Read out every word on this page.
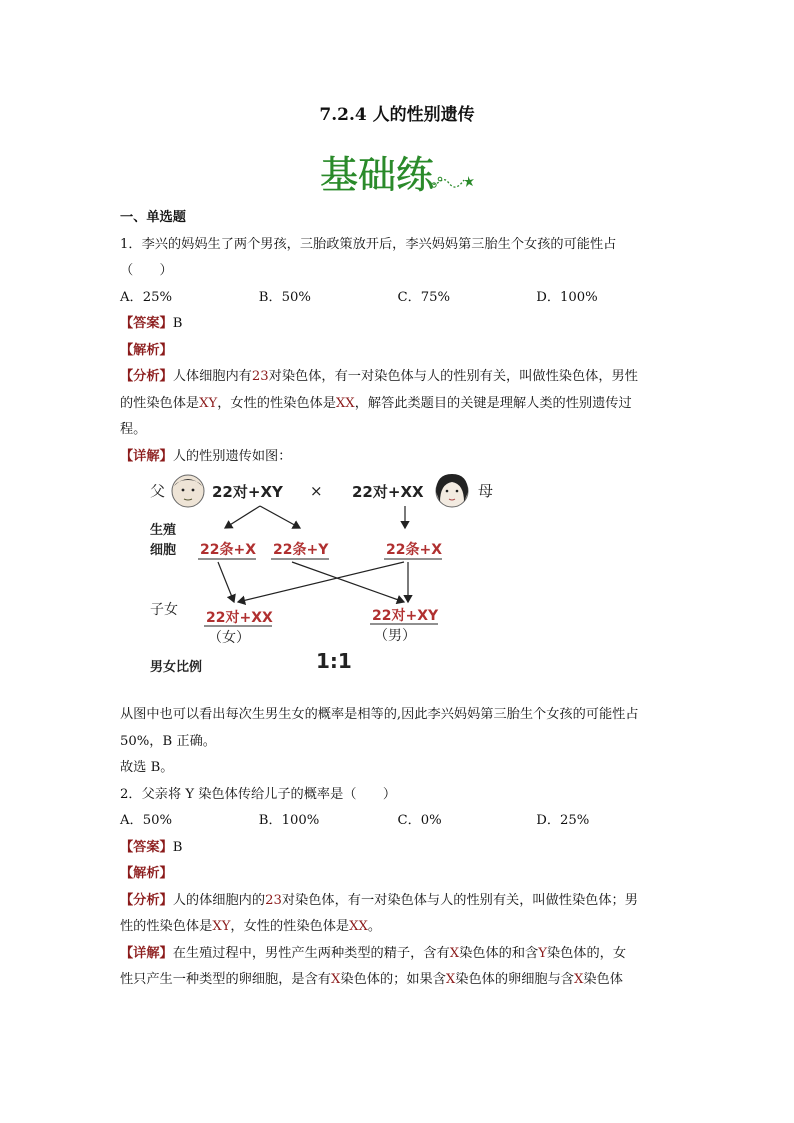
7.2.4 人的性别遗传
基础练
一、单选题
1．李兴的妈妈生了两个男孩，三胎政策放开后，李兴妈妈第三胎生个女孩的可能性占
（　　）
A．25%	B．50%	C．75%	D．100%
【答案】B
【解析】
【分析】人体细胞内有23对染色体，有一对染色体与人的性别有关，叫做性染色体，男性
的性染色体是XY，女性的性染色体是XX，解答此类题目的关键是理解人类的性别遗传过
程。
【详解】人的性别遗传如图：
父
生殖
细胞
子女
男女比例
22对+XY × 22对+XX	母
22条+X 22条+Y	22条+X
22对+XX
（女）
22对+XY
（男）
1:1
从图中也可以看出每次生男生女的概率是相等的,因此李兴妈妈第三胎生个女孩的可能性占
50%，B 正确。
故选 B。
2．父亲将 Y 染色体传给儿子的概率是（　　）
A．50%	B．100%	C．0%	D．25%
【答案】B
【解析】
【分析】人的体细胞内的23对染色体，有一对染色体与人的性别有关，叫做性染色体；男
性的性染色体是XY，女性的性染色体是XX。
【详解】在生殖过程中，男性产生两种类型的精子，含有X染色体的和含Y染色体的，女
性只产生一种类型的卵细胞，是含有X染色体的；如果含X染色体的卵细胞与含X染色体
